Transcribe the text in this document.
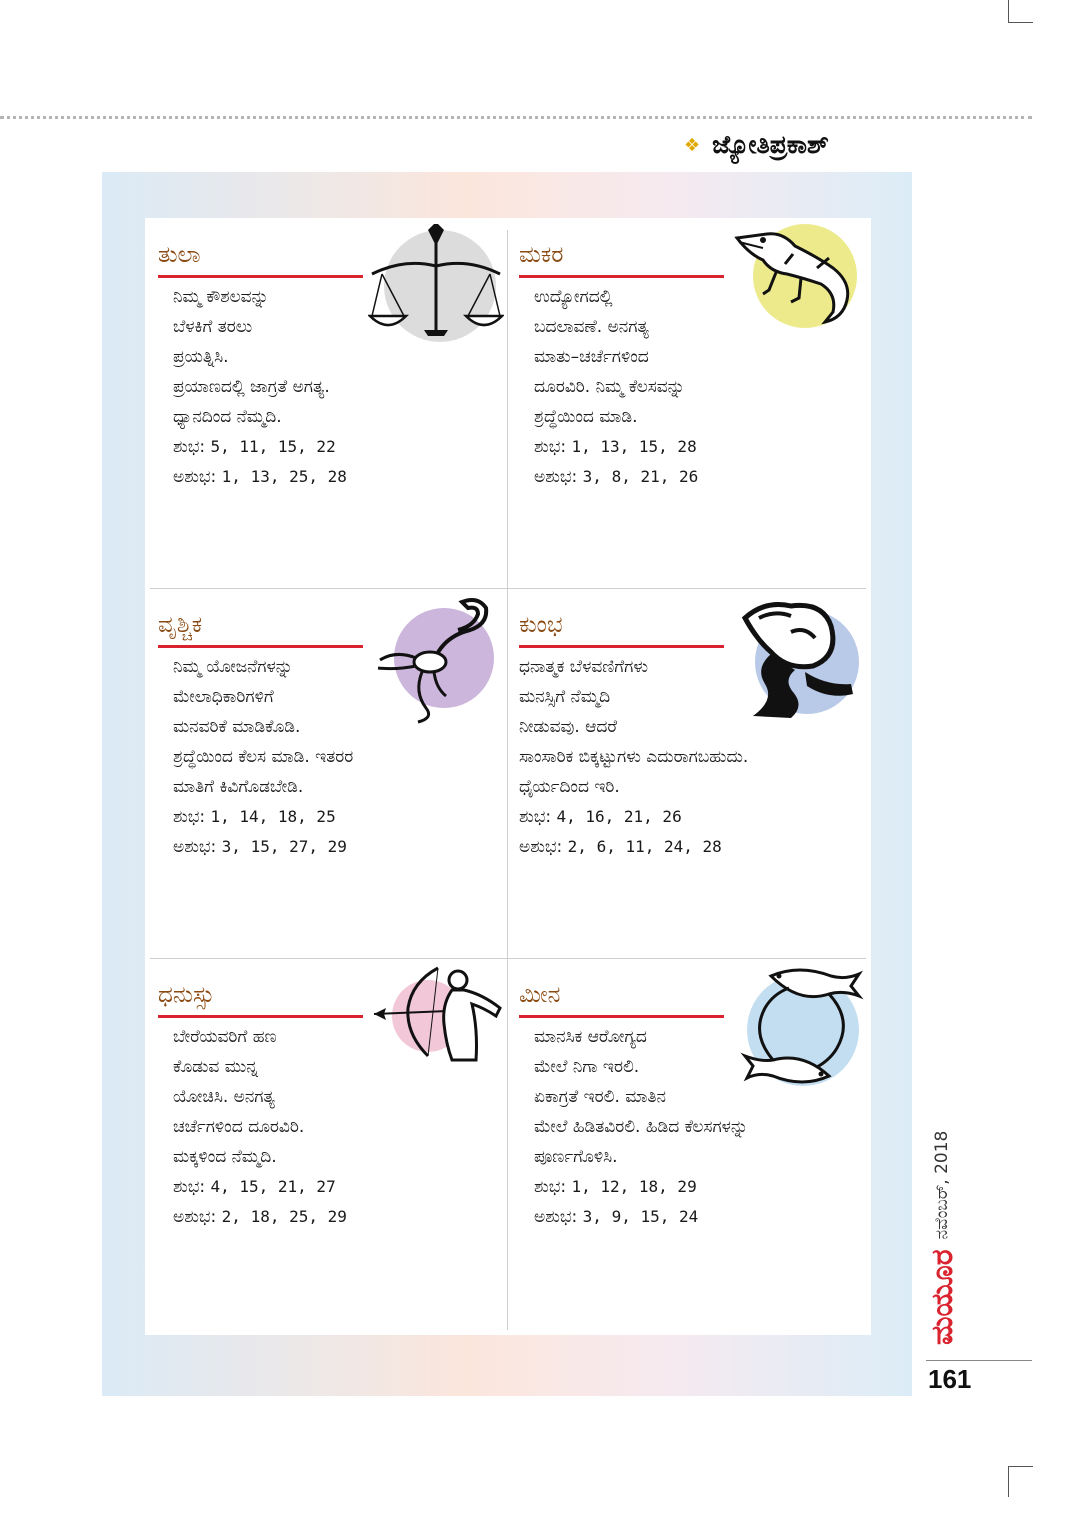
❖ ಜ್ಯೋತಿಪ್ರಕಾಶ್
ತುಲಾ
ನಿಮ್ಮ ಕೌಶಲವನ್ನು
ಬೆಳಕಿಗೆ ತರಲು
ಪ್ರಯತ್ನಿಸಿ.
ಪ್ರಯಾಣದಲ್ಲಿ ಜಾಗ್ರತೆ ಅಗತ್ಯ.
ಧ್ಯಾನದಿಂದ ನೆಮ್ಮದಿ.
ಶುಭ: 5, 11, 15, 22
ಅಶುಭ: 1, 13, 25, 28
ಮಕರ
ಉದ್ಯೋಗದಲ್ಲಿ
ಬದಲಾವಣೆ. ಅನಗತ್ಯ
ಮಾತು–ಚರ್ಚೆಗಳಿಂದ
ದೂರವಿರಿ. ನಿಮ್ಮ ಕೆಲಸವನ್ನು
ಶ್ರದ್ಧೆಯಿಂದ ಮಾಡಿ.
ಶುಭ: 1, 13, 15, 28
ಅಶುಭ: 3, 8, 21, 26
ವೃಶ್ಚಿಕ
ನಿಮ್ಮ ಯೋಜನೆಗಳನ್ನು
ಮೇಲಾಧಿಕಾರಿಗಳಿಗೆ
ಮನವರಿಕೆ ಮಾಡಿಕೊಡಿ.
ಶ್ರದ್ಧೆಯಿಂದ ಕೆಲಸ ಮಾಡಿ. ಇತರರ
ಮಾತಿಗೆ ಕಿವಿಗೊಡಬೇಡಿ.
ಶುಭ: 1, 14, 18, 25
ಅಶುಭ: 3, 15, 27, 29
ಕುಂಭ
ಧನಾತ್ಮಕ ಬೆಳವಣಿಗೆಗಳು
ಮನಸ್ಸಿಗೆ ನೆಮ್ಮದಿ
ನೀಡುವವು. ಆದರೆ
ಸಾಂಸಾರಿಕ ಬಿಕ್ಕಟ್ಟುಗಳು ಎದುರಾಗಬಹುದು.
ಧೈರ್ಯದಿಂದ ಇರಿ.
ಶುಭ: 4, 16, 21, 26
ಅಶುಭ: 2, 6, 11, 24, 28
ಧನುಸ್ಸು
ಬೇರೆಯವರಿಗೆ ಹಣ
ಕೊಡುವ ಮುನ್ನ
ಯೋಚಿಸಿ. ಅನಗತ್ಯ
ಚರ್ಚೆಗಳಿಂದ ದೂರವಿರಿ.
ಮಕ್ಕಳಿಂದ ನೆಮ್ಮದಿ.
ಶುಭ: 4, 15, 21, 27
ಅಶುಭ: 2, 18, 25, 29
ಮೀನ
ಮಾನಸಿಕ ಆರೋಗ್ಯದ
ಮೇಲೆ ನಿಗಾ ಇರಲಿ.
ಏಕಾಗ್ರತೆ ಇರಲಿ. ಮಾತಿನ
ಮೇಲೆ ಹಿಡಿತವಿರಲಿ. ಹಿಡಿದ ಕೆಲಸಗಳನ್ನು
ಪೂರ್ಣಗೊಳಿಸಿ.
ಶುಭ: 1, 12, 18, 29
ಅಶುಭ: 3, 9, 15, 24
ಮಯೂರ
ನವೆಂಬರ್, 2018
161
